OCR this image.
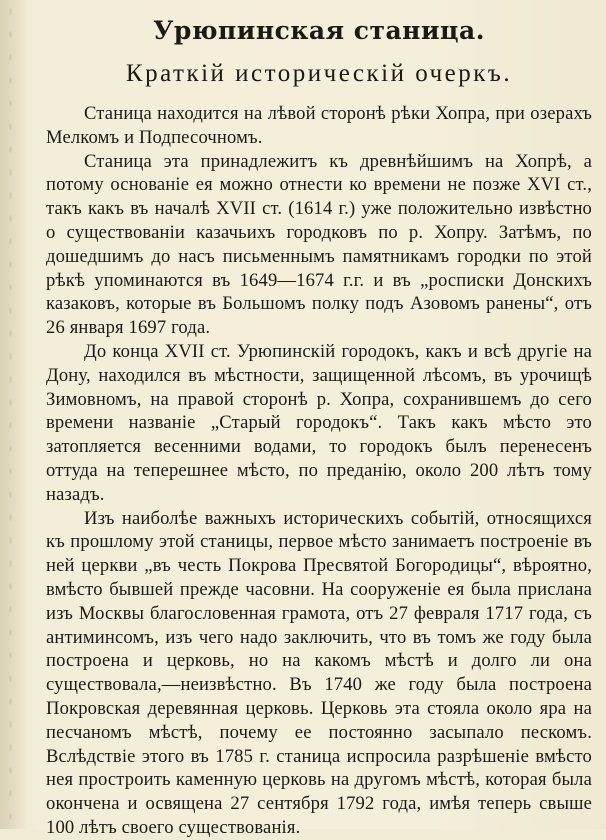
Урюпинская станица.
Краткій историческій очеркъ.

Станица находится на лѣвой сторонѣ рѣки Хопра, при озерахъ Мелкомъ и Подпесочномъ.

Станица эта принадлежитъ къ древнѣйшимъ на Хопрѣ, а потому основаніе ея можно отнести ко времени не позже XVI ст., такъ какъ въ началѣ XVII ст. (1614 г.) уже положительно извѣстно о существованіи казачьихъ городковъ по р. Хопру. Затѣмъ, по дошедшимъ до насъ письменнымъ памятникамъ городки по этой рѣкѣ упоминаются въ 1649—1674 г.г. и въ „росписки Донскихъ казаковъ, которые въ Большомъ полку подъ Азовомъ ранены“, отъ 26 января 1697 года.

До конца XVII ст. Урюпинскій городокъ, какъ и всѣ другіе на Дону, находился въ мѣстности, защищенной лѣсомъ, въ урочищѣ Зимовномъ, на правой сторонѣ р. Хопра, сохранившемъ до сего времени названіе „Старый городокъ“. Такъ какъ мѣсто это затопляется весенними водами, то городокъ былъ перенесенъ оттуда на теперешнее мѣсто, по преданію, около 200 лѣтъ тому назадъ.

Изъ наиболѣе важныхъ историческихъ событій, относящихся къ прошлому этой станицы, первое мѣсто занимаетъ построеніе въ ней церкви „въ честь Покрова Пресвятой Богородицы“, вѣроятно, вмѣсто бывшей прежде часовни. На сооруженіе ея была прислана изъ Москвы благословенная грамота, отъ 27 февраля 1717 года, съ антиминсомъ, изъ чего надо заключить, что въ томъ же году была построена и церковь, но на какомъ мѣстѣ и долго ли она существовала,—неизвѣстно. Въ 1740 же году была построена Покровская деревянная церковь. Церковь эта стояла около яра на песчаномъ мѣстѣ, почему ее постоянно засыпало пескомъ. Вслѣдствіе этого въ 1785 г. станица испросила разрѣшеніе вмѣсто нея простроить каменную церковь на другомъ мѣстѣ, которая была окончена и освящена 27 сентября 1792 года, имѣя теперь свыше 100 лѣтъ своего существованія.
